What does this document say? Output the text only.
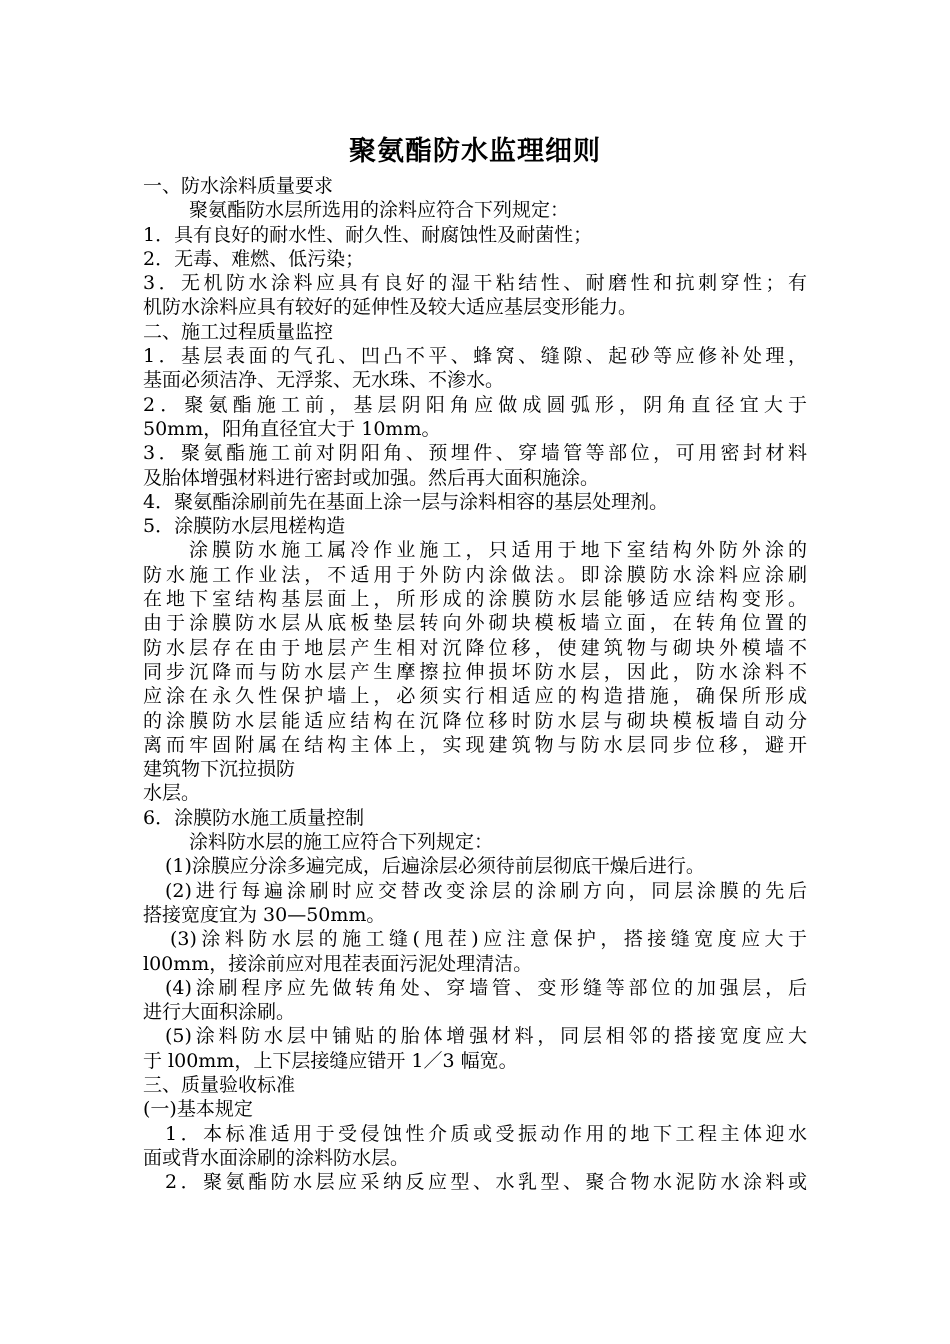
聚氨酯防水监理细则

一、防水涂料质量要求

聚氨酯防水层所选用的涂料应符合下列规定：

1．具有良好的耐水性、耐久性、耐腐蚀性及耐菌性；

2．无毒、难燃、低污染；

3．无机防水涂料应具有良好的湿干粘结性、耐磨性和抗刺穿性；有

机防水涂料应具有较好的延伸性及较大适应基层变形能力。

二、施工过程质量监控

1．基层表面的气孔、凹凸不平、蜂窝、缝隙、起砂等应修补处理，

基面必须洁净、无浮浆、无水珠、不渗水。

2．聚氨酯施工前，基层阴阳角应做成圆弧形，阴角直径宜大于

50mm，阳角直径宜大于 10mm。

3．聚氨酯施工前对阴阳角、预埋件、穿墙管等部位，可用密封材料

及胎体增强材料进行密封或加强。然后再大面积施涂。

4．聚氨酯涂刷前先在基面上涂一层与涂料相容的基层处理剂。

5．涂膜防水层甩槎构造

涂膜防水施工属冷作业施工，只适用于地下室结构外防外涂的

防水施工作业法，不适用于外防内涂做法。即涂膜防水涂料应涂刷

在地下室结构基层面上，所形成的涂膜防水层能够适应结构变形。

由于涂膜防水层从底板垫层转向外砌块模板墙立面，在转角位置的

防水层存在由于地层产生相对沉降位移，使建筑物与砌块外模墙不

同步沉降而与防水层产生摩擦拉伸损坏防水层，因此，防水涂料不

应涂在永久性保护墙上，必须实行相适应的构造措施，确保所形成

的涂膜防水层能适应结构在沉降位移时防水层与砌块模板墙自动分

离而牢固附属在结构主体上，实现建筑物与防水层同步位移，避开

建筑物下沉拉损防

水层。

6．涂膜防水施工质量控制

涂料防水层的施工应符合下列规定：

(1)涂膜应分涂多遍完成，后遍涂层必须待前层彻底干燥后进行。

(2)进行每遍涂刷时应交替改变涂层的涂刷方向，同层涂膜的先后

搭接宽度宜为 30—50mm。

(3)涂料防水层的施工缝(甩茬)应注意保护，搭接缝宽度应大于

l00mm，接涂前应对甩茬表面污泥处理清洁。

(4)涂刷程序应先做转角处、穿墙管、变形缝等部位的加强层，后

进行大面积涂刷。

(5)涂料防水层中铺贴的胎体增强材料，同层相邻的搭接宽度应大

于 l00mm，上下层接缝应错开 1／3 幅宽。

三、质量验收标准

(一)基本规定

1．本标准适用于受侵蚀性介质或受振动作用的地下工程主体迎水

面或背水面涂刷的涂料防水层。

2．聚氨酯防水层应采纳反应型、水乳型、聚合物水泥防水涂料或
